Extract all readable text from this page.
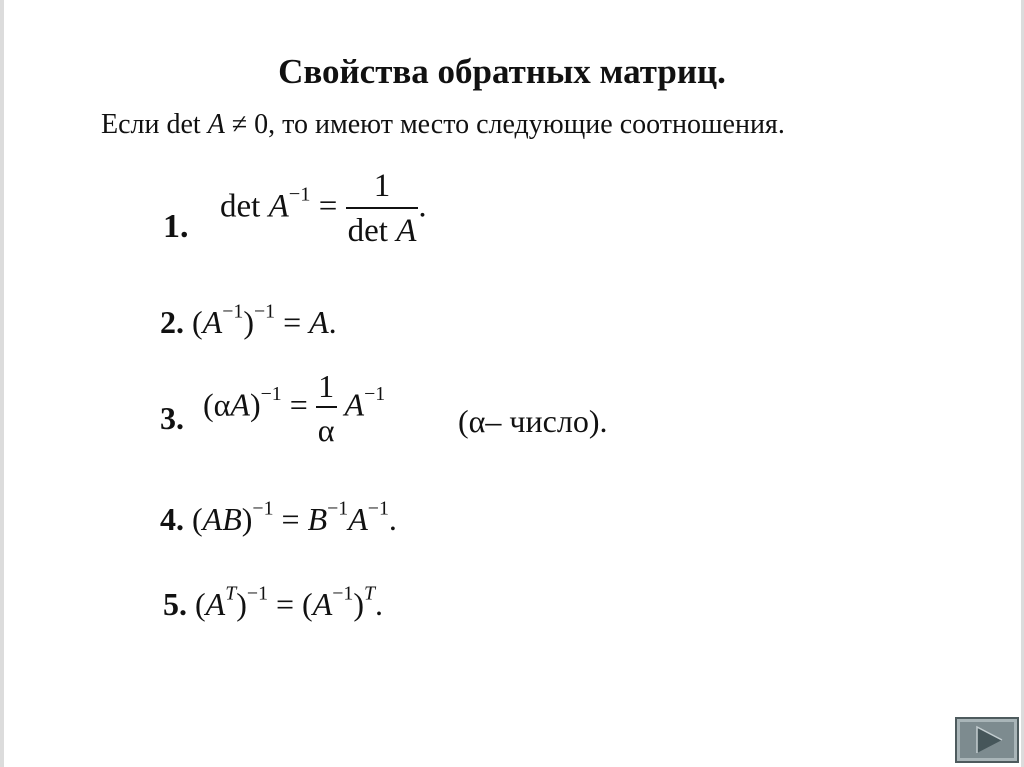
Свойства обратных матриц.
Если det A ≠ 0, то имеют место следующие соотношения.
1.
$\det A^{-1} = \frac{1}{\text{det A}}$ .
2. $(A^{-1})^{-1} = A$.
3. $(\alpha A)^{-1} = \frac{1}{\alpha} A^{-1}$
(α– число).
4. $(AB)^{-1} = B^{-1}A^{-1}$.
5. $(A^T)^{-1} = (A^{-1})^T$.
